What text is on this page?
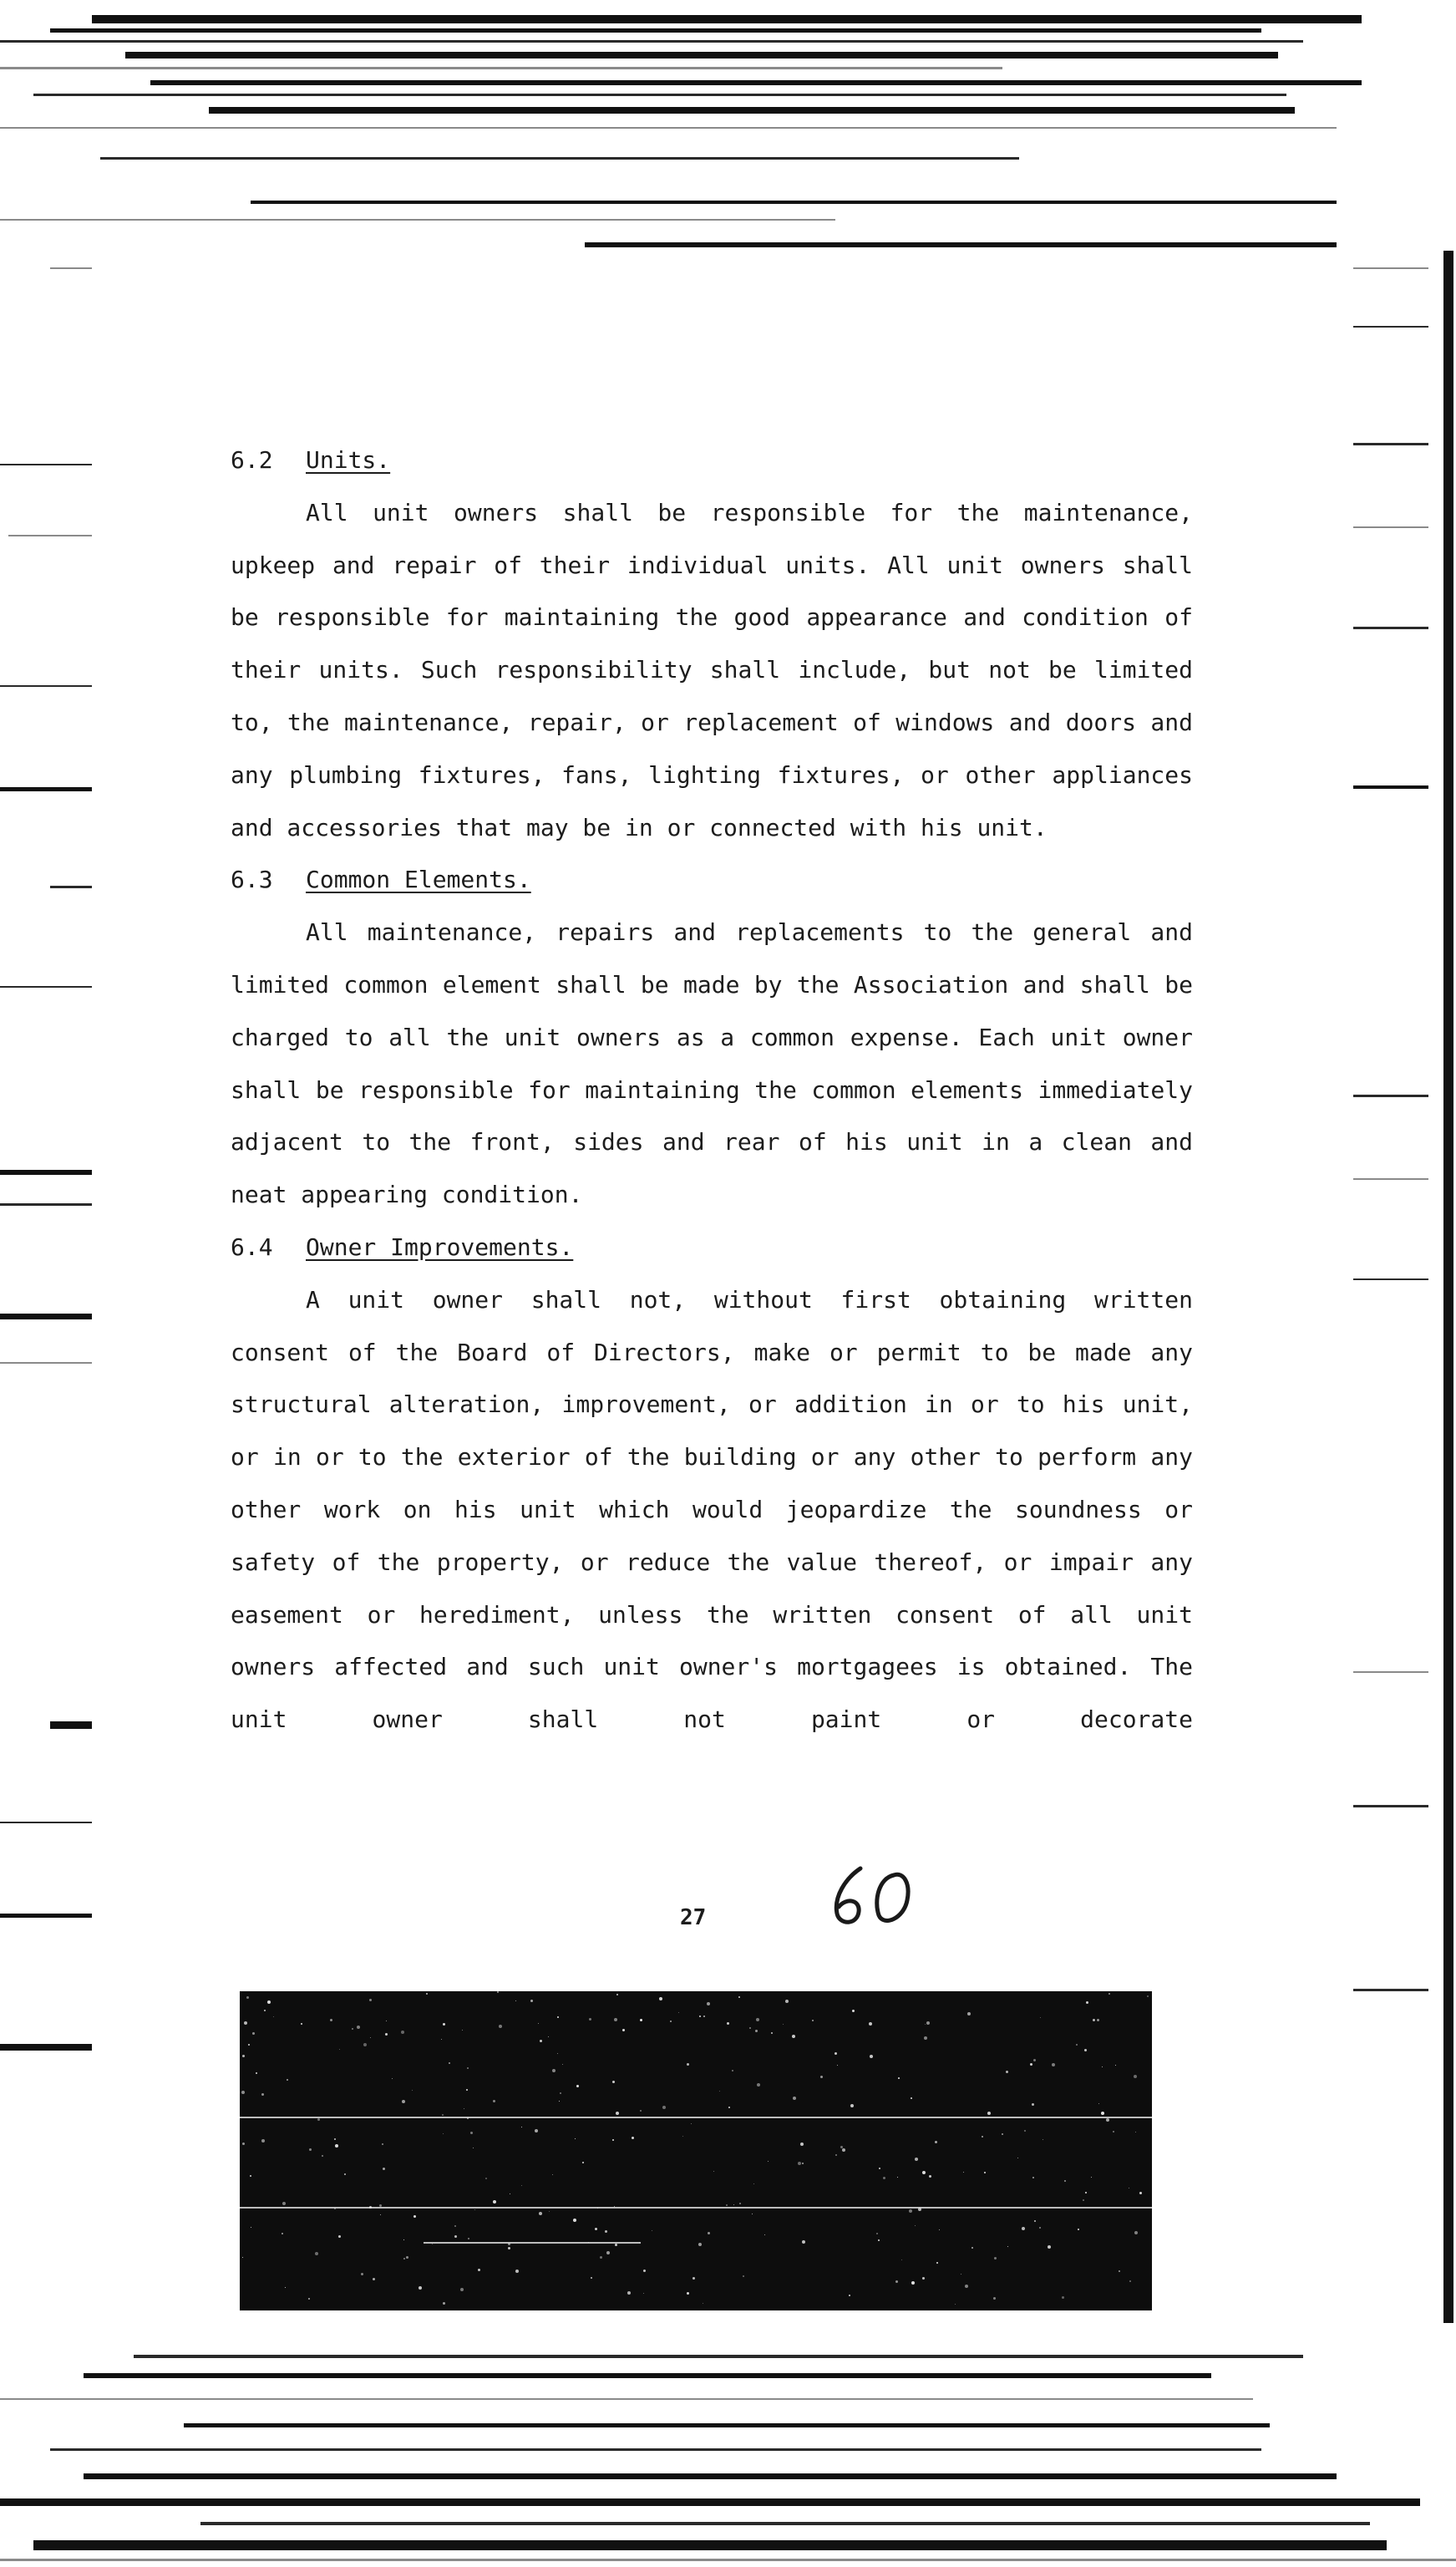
6.2 Units.

All unit owners shall be responsible for the maintenance, upkeep and repair of their individual units. All unit owners shall be responsible for maintaining the good appearance and condition of their units. Such responsibility shall include, but not be limited to, the maintenance, repair, or replacement of windows and doors and any plumbing fixtures, fans, lighting fixtures, or other appliances and accessories that may be in or connected with his unit.

6.3 Common Elements.

All maintenance, repairs and replacements to the general and limited common element shall be made by the Association and shall be charged to all the unit owners as a common expense. Each unit owner shall be responsible for maintaining the common elements immediately adjacent to the front, sides and rear of his unit in a clean and neat appearing condition.

6.4 Owner Improvements.

A unit owner shall not, without first obtaining written consent of the Board of Directors, make or permit to be made any structural alteration, improvement, or addition in or to his unit, or in or to the exterior of the building or any other to perform any other work on his unit which would jeopardize the soundness or safety of the property, or reduce the value thereof, or impair any easement or herediment, unless the written consent of all unit owners affected and such unit owner's mortgagees is obtained. The unit owner shall not paint or decorate

27
